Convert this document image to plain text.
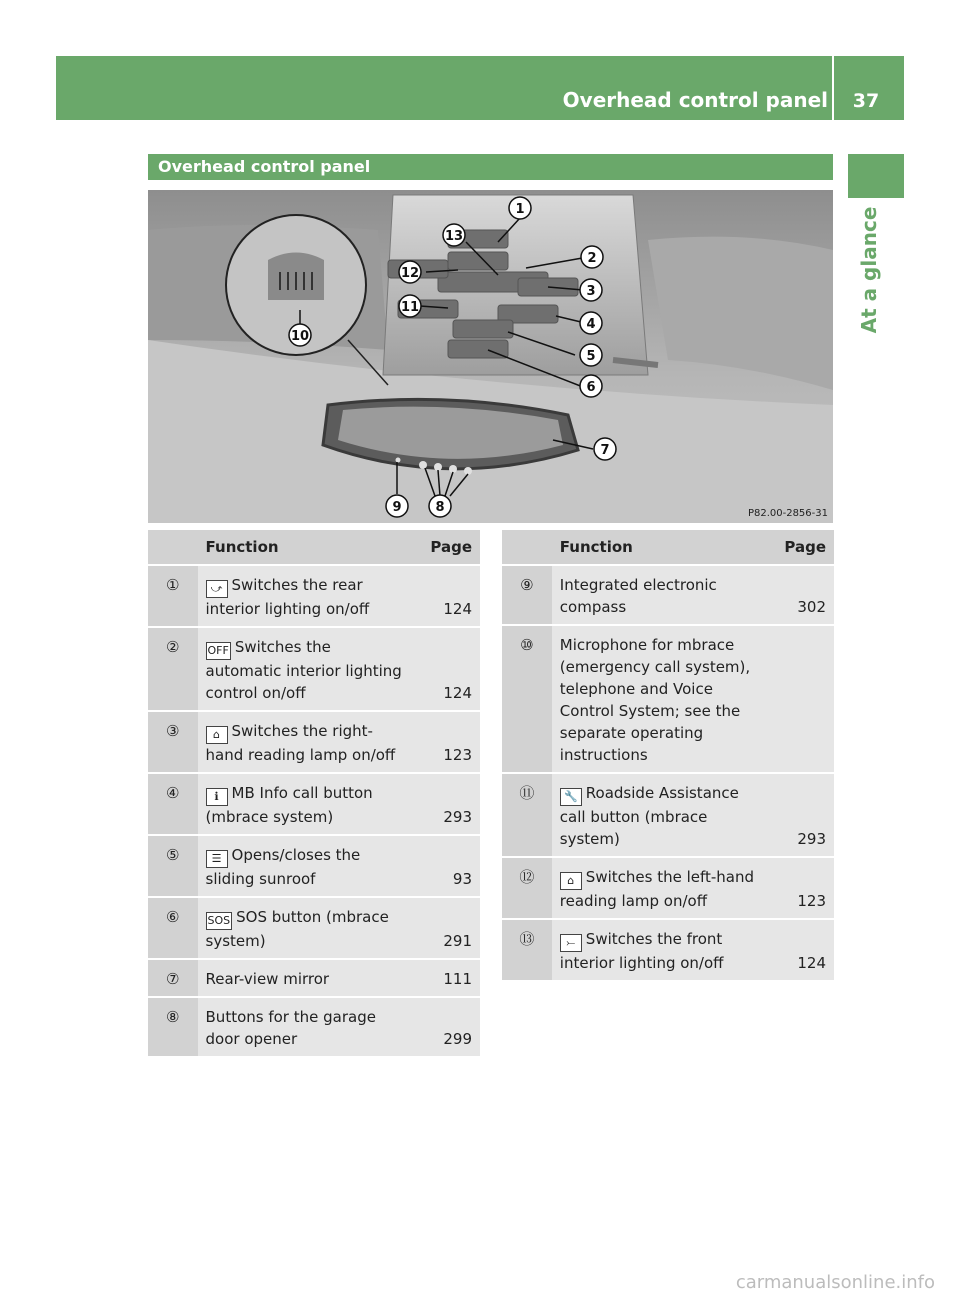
Overhead control panel	37
At a glance
Overhead control panel
1
13
2
12
3
11
4
5
6
10
7
9	8	P82.00-2856-31
	Function	Page
①	⤻ Switches the rear interior lighting on/off	124
②	OFF Switches the automatic interior lighting control on/off	124
③	⌂ Switches the right-hand reading lamp on/off	123
④	ℹ MB Info call button (mbrace system)	293
⑤	☰ Opens/closes the sliding sunroof	93
⑥	SOS SOS button (mbrace system)	291
⑦	Rear-view mirror	111
⑧	Buttons for the garage door opener	299
	Function	Page
⑨	Integrated electronic compass	302
⑩	Microphone for mbrace (emergency call system), telephone and Voice Control System; see the separate operating instructions	
⑪	🔧 Roadside Assistance call button (mbrace system)	293
⑫	⌂ Switches the left-hand reading lamp on/off	123
⑬	⤚ Switches the front interior lighting on/off	124
carmanualsonline.info
